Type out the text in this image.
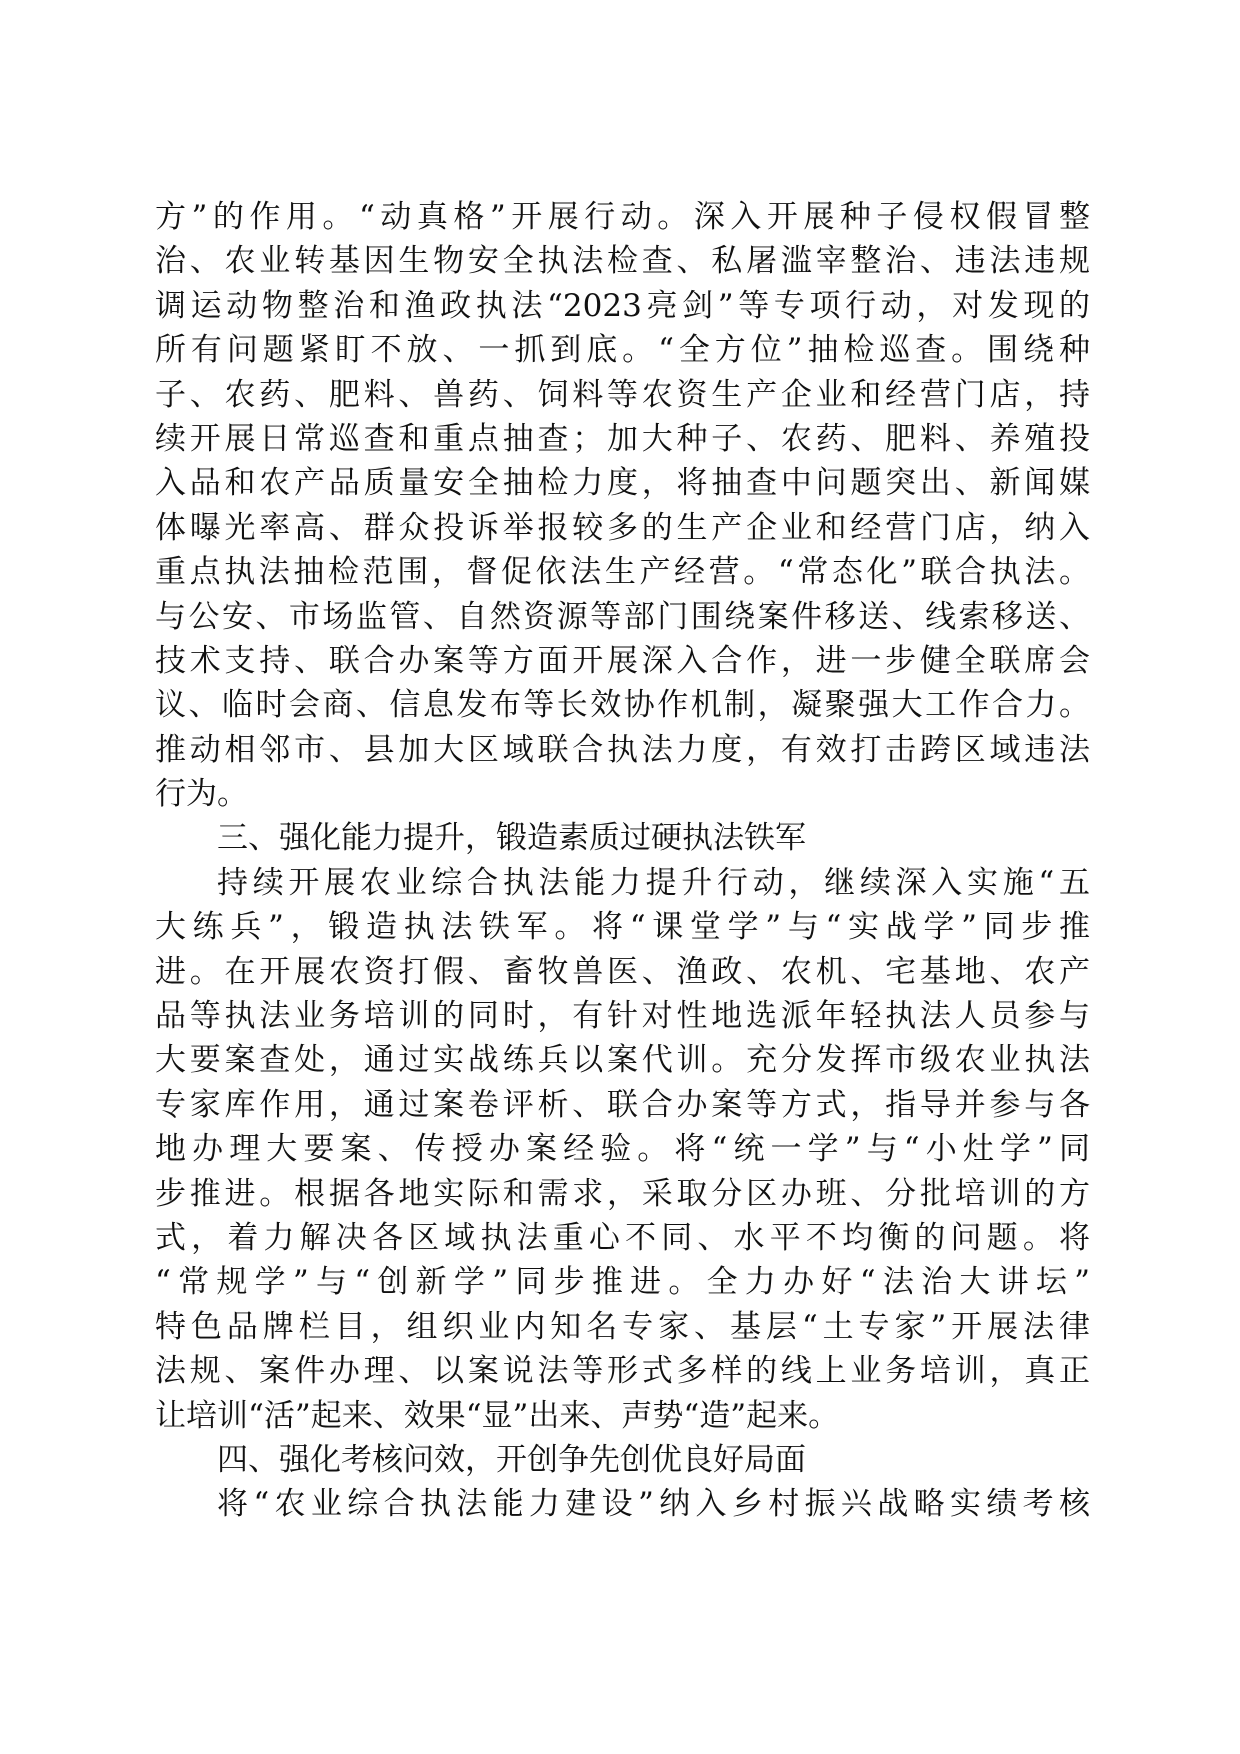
方”的作用。“动真格”开展行动。深入开展种子侵权假冒整
治、农业转基因生物安全执法检查、私屠滥宰整治、违法违规
调运动物整治和渔政执法“2023亮剑”等专项行动，对发现的
所有问题紧盯不放、一抓到底。“全方位”抽检巡查。围绕种
子、农药、肥料、兽药、饲料等农资生产企业和经营门店，持
续开展日常巡查和重点抽查；加大种子、农药、肥料、养殖投
入品和农产品质量安全抽检力度，将抽查中问题突出、新闻媒
体曝光率高、群众投诉举报较多的生产企业和经营门店，纳入
重点执法抽检范围，督促依法生产经营。“常态化”联合执法。
与公安、市场监管、自然资源等部门围绕案件移送、线索移送、
技术支持、联合办案等方面开展深入合作，进一步健全联席会
议、临时会商、信息发布等长效协作机制，凝聚强大工作合力。
推动相邻市、县加大区域联合执法力度，有效打击跨区域违法
行为。
三、强化能力提升，锻造素质过硬执法铁军
持续开展农业综合执法能力提升行动，继续深入实施“五
大练兵”，锻造执法铁军。将“课堂学”与“实战学”同步推
进。在开展农资打假、畜牧兽医、渔政、农机、宅基地、农产
品等执法业务培训的同时，有针对性地选派年轻执法人员参与
大要案查处，通过实战练兵以案代训。充分发挥市级农业执法
专家库作用，通过案卷评析、联合办案等方式，指导并参与各
地办理大要案、传授办案经验。将“统一学”与“小灶学”同
步推进。根据各地实际和需求，采取分区办班、分批培训的方
式，着力解决各区域执法重心不同、水平不均衡的问题。将
“常规学”与“创新学”同步推进。全力办好“法治大讲坛”
特色品牌栏目，组织业内知名专家、基层“土专家”开展法律
法规、案件办理、以案说法等形式多样的线上业务培训，真正
让培训“活”起来、效果“显”出来、声势“造”起来。
四、强化考核问效，开创争先创优良好局面
将“农业综合执法能力建设”纳入乡村振兴战略实绩考核
